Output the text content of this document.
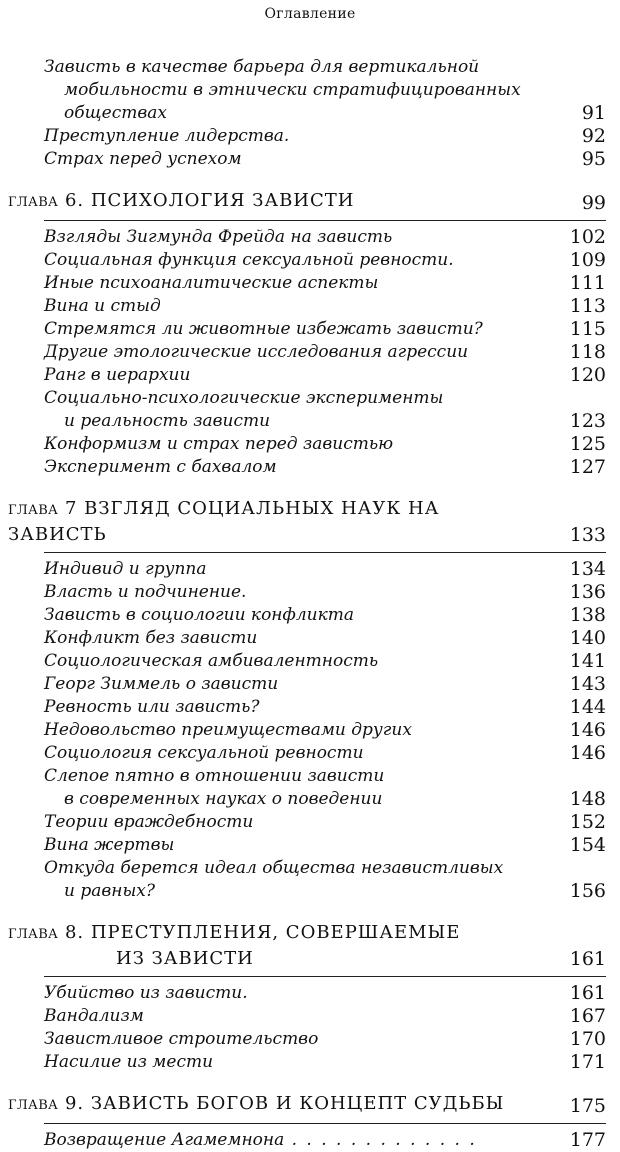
Оглавление
Зависть в качестве барьера для вертикальной
мобильности в этнически стратифицированных
обществах	91
Преступление лидерства.	92
Страх перед успехом	95
ГЛАВА 6. ПСИХОЛОГИЯ ЗАВИСТИ	99
Взгляды Зигмунда Фрейда на зависть	102
Социальная функция сексуальной ревности.	109
Иные психоаналитические аспекты	111
Вина и стыд	113
Стремятся ли животные избежать зависти?	115
Другие этологические исследования агрессии	118
Ранг в иерархии	120
Социально-психологические эксперименты
и реальность зависти	123
Конформизм и страх перед завистью	125
Эксперимент с бахвалом	127
ГЛАВА 7 ВЗГЛЯД СОЦИАЛЬНЫХ НАУК НА ЗАВИСТЬ	133
Индивид и группа	134
Власть и подчинение.	136
Зависть в социологии конфликта	138
Конфликт без зависти	140
Социологическая амбивалентность	141
Георг Зиммель о зависти	143
Ревность или зависть?	144
Недовольство преимуществами других	146
Социология сексуальной ревности	146
Слепое пятно в отношении зависти
в современных науках о поведении	148
Теории враждебности	152
Вина жертвы	154
Откуда берется идеал общества независтливых
и равных?	156
ГЛАВА 8. ПРЕСТУПЛЕНИЯ, СОВЕРШАЕМЫЕ
ИЗ ЗАВИСТИ	161
Убийство из зависти.	161
Вандализм	167
Завистливое строительство	170
Насилие из мести	171
ГЛАВА 9. ЗАВИСТЬ БОГОВ И КОНЦЕПТ СУДЬБЫ	175
Возвращение Агамемнона . . .	177
